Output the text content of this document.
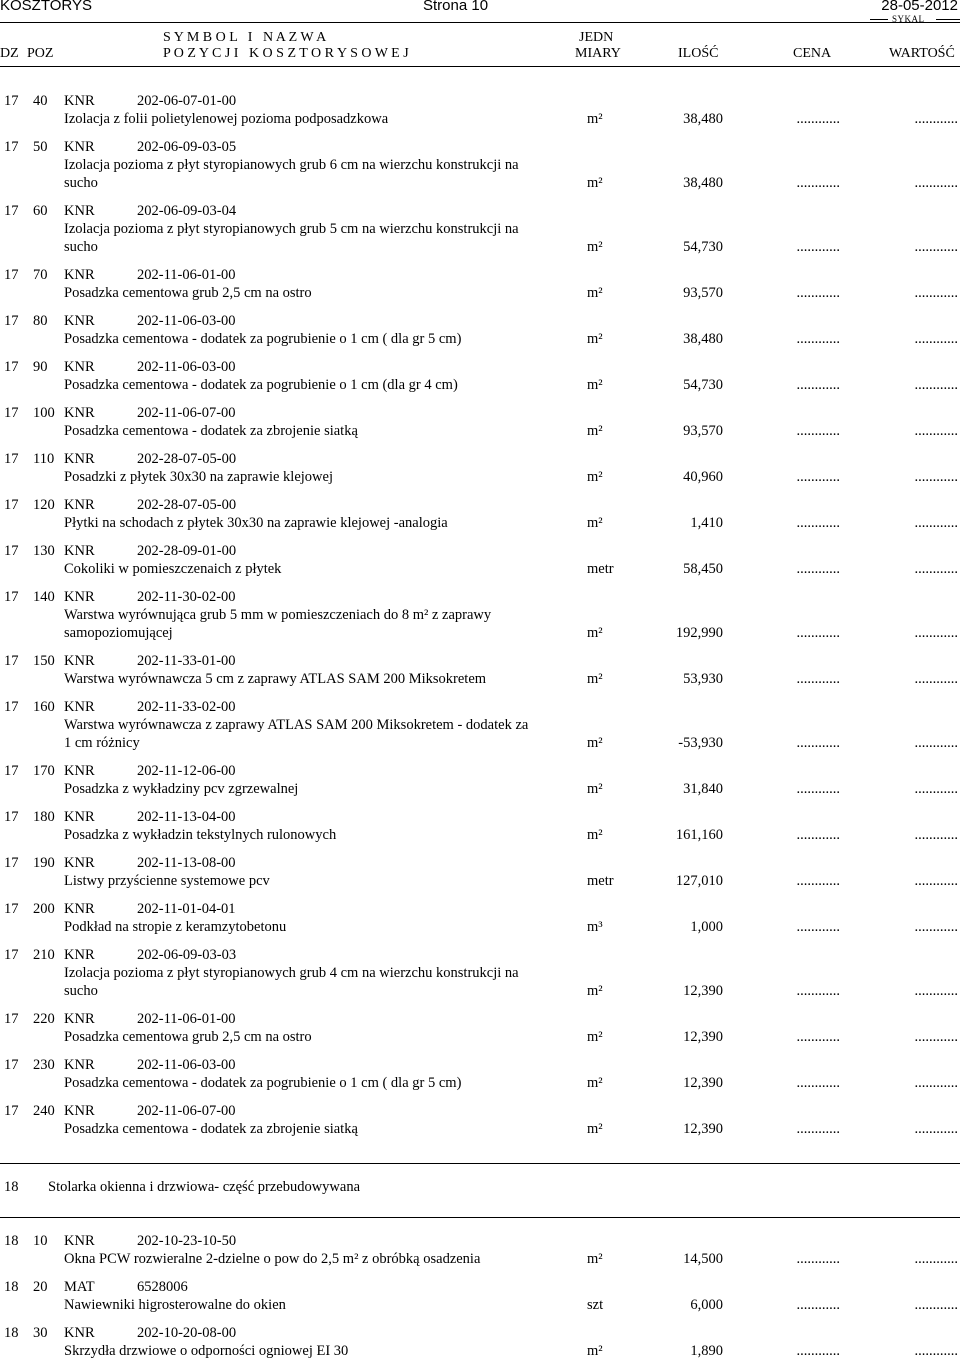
KOSZTORYS	Strona 10	28-05-2012
SYKAL
DZ POZ
S Y M B O L   I   N A Z W A
P O Z Y C J I   K O S Z T O R Y S O W E J
JEDN
MIARY	ILOŚĆ	CENA	WARTOŚĆ
17 40 KNR	202-06-07-01-00
Izolacja z folii polietylenowej pozioma podposadzkowa	m²	38,480	............	............
17 50 KNR	202-06-09-03-05
Izolacja pozioma z płyt styropianowych grub 6 cm na wierzchu konstrukcji na
sucho	m²	38,480	............	............
17 60 KNR	202-06-09-03-04
Izolacja pozioma z płyt styropianowych grub 5 cm na wierzchu konstrukcji na
sucho	m²	54,730	............	............
17 70 KNR	202-11-06-01-00
Posadzka cementowa grub 2,5 cm na ostro	m²	93,570	............	............
17 80 KNR	202-11-06-03-00
Posadzka cementowa - dodatek za pogrubienie o 1 cm ( dla gr 5 cm)	m²	38,480	............	............
17 90 KNR	202-11-06-03-00
Posadzka cementowa - dodatek za pogrubienie o 1 cm (dla gr 4 cm)	m²	54,730	............	............
17 100 KNR	202-11-06-07-00
Posadzka cementowa - dodatek za zbrojenie siatką	m²	93,570	............	............
17 110 KNR	202-28-07-05-00
Posadzki z płytek 30x30 na zaprawie klejowej	m²	40,960	............	............
17 120 KNR	202-28-07-05-00
Płytki na schodach z płytek 30x30 na zaprawie klejowej -analogia	m²	1,410	............	............
17 130 KNR	202-28-09-01-00
Cokoliki w pomieszczenaich z płytek	metr	58,450	............	............
17 140 KNR	202-11-30-02-00
Warstwa wyrównująca grub 5 mm w pomieszczeniach do 8 m² z zaprawy
samopoziomującej	m²	192,990	............	............
17 150 KNR	202-11-33-01-00
Warstwa wyrównawcza 5 cm z zaprawy ATLAS SAM 200 Miksokretem	m²	53,930	............	............
17 160 KNR	202-11-33-02-00
Warstwa wyrównawcza z zaprawy ATLAS SAM 200 Miksokretem - dodatek za
1 cm różnicy	m²	-53,930	............	............
17 170 KNR	202-11-12-06-00
Posadzka z wykładziny pcv zgrzewalnej	m²	31,840	............	............
17 180 KNR	202-11-13-04-00
Posadzka z wykładzin tekstylnych rulonowych	m²	161,160	............	............
17 190 KNR	202-11-13-08-00
Listwy przyścienne systemowe pcv	metr	127,010	............	............
17 200 KNR	202-11-01-04-01
Podkład na stropie z keramzytobetonu	m³	1,000	............	............
17 210 KNR	202-06-09-03-03
Izolacja pozioma z płyt styropianowych grub 4 cm na wierzchu konstrukcji na
sucho	m²	12,390	............	............
17 220 KNR	202-11-06-01-00
Posadzka cementowa grub 2,5 cm na ostro	m²	12,390	............	............
17 230 KNR	202-11-06-03-00
Posadzka cementowa - dodatek za pogrubienie o 1 cm ( dla gr 5 cm)	m²	12,390	............	............
17 240 KNR	202-11-06-07-00
Posadzka cementowa - dodatek za zbrojenie siatką	m²	12,390	............	............
18 Stolarka okienna i drzwiowa- część przebudowywana
18 10 KNR	202-10-23-10-50
Okna PCW rozwieralne 2-dzielne o pow do 2,5 m² z obróbką osadzenia	m²	14,500	............	............
18 20 MAT	6528006
Nawiewniki higrosterowalne do okien	szt	6,000	............	............
18 30 KNR	202-10-20-08-00
Skrzydła drzwiowe o odporności ogniowej EI 30	m²	1,890	............	............
